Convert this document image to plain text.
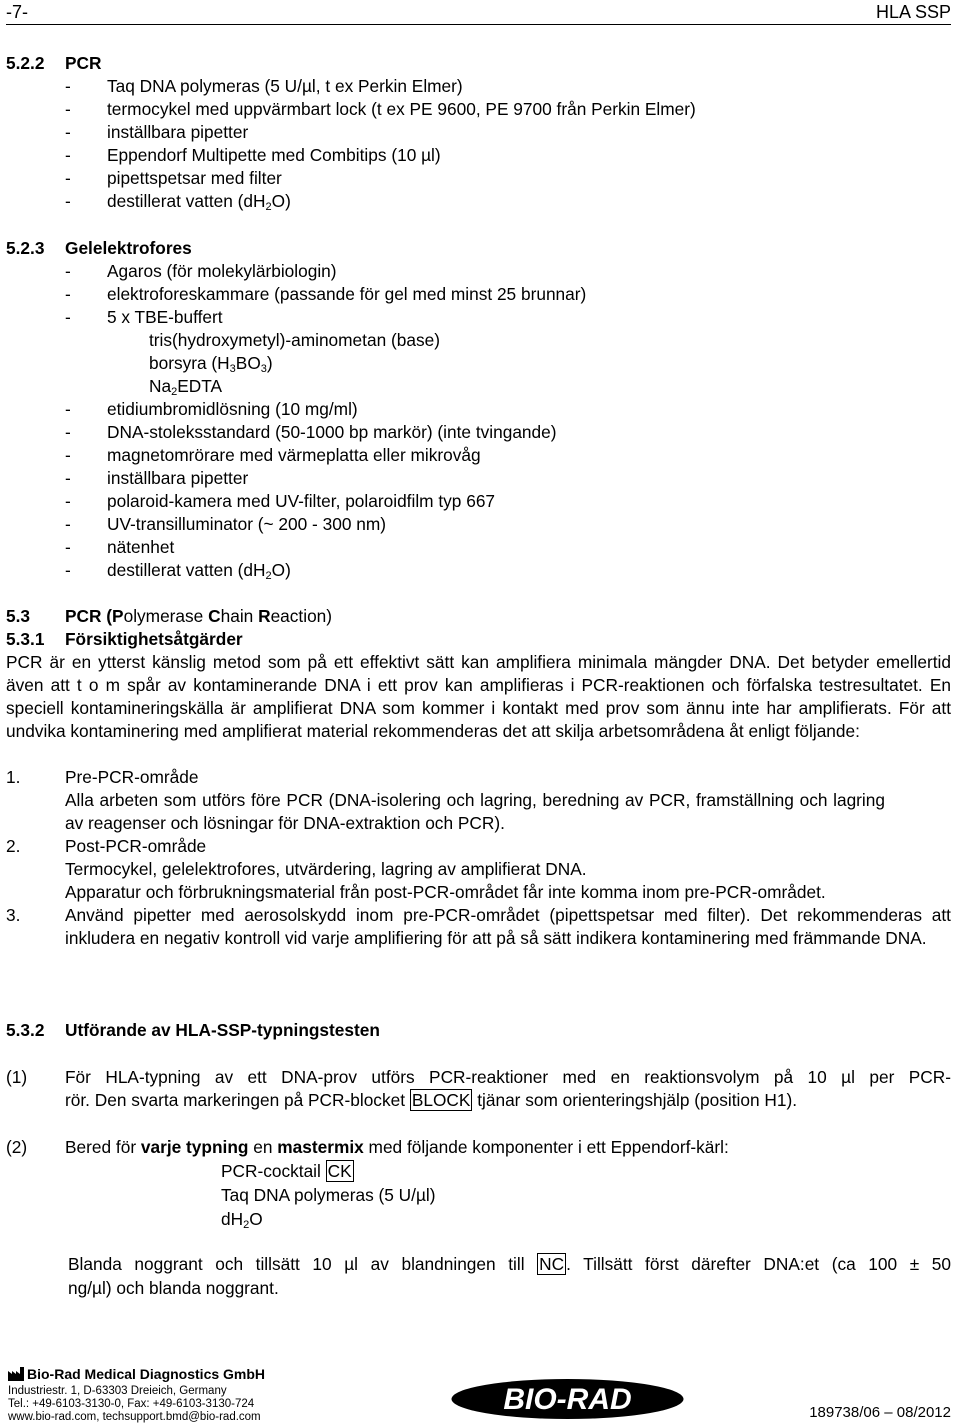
-7-	HLA SSP
5.2.2 PCR
- Taq DNA polymeras (5 U/µl, t ex Perkin Elmer)
- termocykel med uppvärmbart lock (t ex PE 9600, PE 9700 från Perkin Elmer)
- inställbara pipetter
- Eppendorf Multipette med Combitips (10 µl)
- pipettspetsar med filter
- destillerat vatten $(dH_2O)$
5.2.3 Gelelektrofores
- Agaros (för molekylärbiologin)
- elektroforeskammare (passande för gel med minst 25 brunnar)
- 5 x TBE-buffert
tris(hydroxymetyl)-aminometan (base)
borsyra $(H_3BO_3)$
$Na_2EDTA$
- etidiumbromidlösning (10 mg/ml)
- DNA-stoleksstandard (50-1000 bp markör) (inte tvingande)
- magnetomrörare med värmeplatta eller mikrovåg
- inställbara pipetter
- polaroid-kamera med UV-filter, polaroidfilm typ 667
- UV-transilluminator (~ 200 - 300 nm)
- nätenhet
- destillerat vatten $(dH_2O)$
5.3 PCR (Polymerase Chain Reaction)
5.3.1 Försiktighetsåtgärder
PCR är en ytterst känslig metod som på ett effektivt sätt kan amplifiera minimala mängder DNA. Det betyder emellertid även att t o m spår av kontaminerande DNA i ett prov kan amplifieras i PCR-reaktionen och förfalska testresultatet. En speciell kontamineringskälla är amplifierat DNA som kommer i kontakt med prov som ännu inte har amplifierats. För att undvika kontaminering med amplifierat material rekommenderas det att skilja arbetsområdena åt enligt följande:
1.	Pre-PCR-område
Alla arbeten som utförs före PCR (DNA-isolering och lagring, beredning av PCR, framställning och lagring av reagenser och lösningar för DNA-extraktion och PCR).
2.	Post-PCR-område
Termocykel, gelelektrofores, utvärdering, lagring av amplifierat DNA.
Apparatur och förbrukningsmaterial från post-PCR-området får inte komma inom pre-PCR-området.
3.	Använd pipetter med aerosolskydd inom pre-PCR-området (pipettspetsar med filter). Det rekommenderas att inkludera en negativ kontroll vid varje amplifiering för att på så sätt indikera kontaminering med främmande DNA.
5.3.2 Utförande av HLA-SSP-typningstesten
(1) För HLA-typning av ett DNA-prov utförs PCR-reaktioner med en reaktionsvolym på 10 µl per PCR-
rör. Den svarta markeringen på PCR-blocket BLOCK tjänar som orienteringshjälp (position H1).
(2) Bered för varje typning en mastermix med följande komponenter i ett Eppendorf-kärl:
PCR-cocktail CK
Taq DNA polymeras (5 U/µl)
$dH_2O$
Blanda noggrant och tillsätt 10 µl av blandningen till NC . Tillsätt först därefter DNA:et (ca 100 ± 50
ng/µl) och blanda noggrant.
Bio-Rad Medical Diagnostics GmbH
Industriestr. 1, D-63303 Dreieich, Germany
Tel.: +49-6103-3130-0, Fax: +49-6103-3130-724
www.bio-rad.com, techsupport.bmd@bio-rad.com
BIO-RAD	189738/06 – 08/2012
